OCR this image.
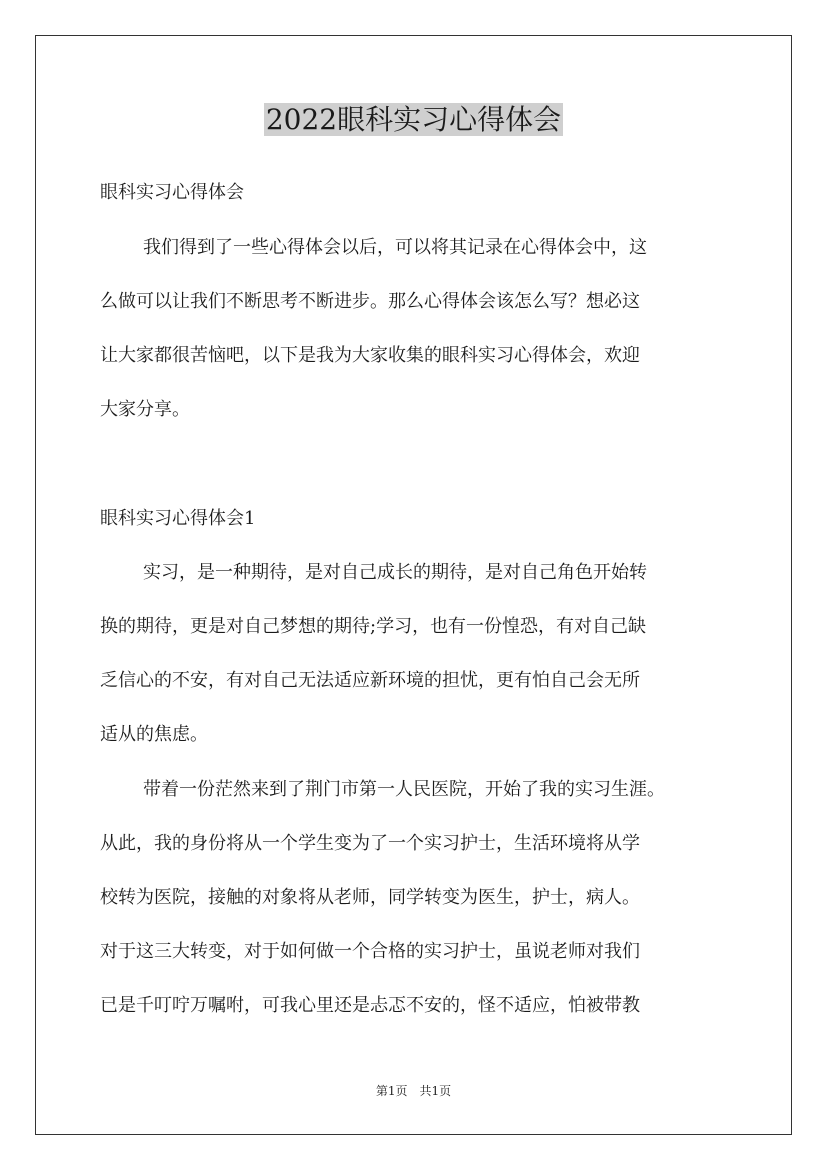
2022眼科实习心得体会
眼科实习心得体会
我们得到了一些心得体会以后，可以将其记录在心得体会中，这
么做可以让我们不断思考不断进步。那么心得体会该怎么写？想必这
让大家都很苦恼吧，以下是我为大家收集的眼科实习心得体会，欢迎
大家分享。
眼科实习心得体会1
实习，是一种期待，是对自己成长的期待，是对自己角色开始转
换的期待，更是对自己梦想的期待;学习，也有一份惶恐，有对自己缺
乏信心的不安，有对自己无法适应新环境的担忧，更有怕自己会无所
适从的焦虑。
带着一份茫然来到了荆门市第一人民医院，开始了我的实习生涯。
从此，我的身份将从一个学生变为了一个实习护士，生活环境将从学
校转为医院，接触的对象将从老师，同学转变为医生，护士，病人。
对于这三大转变，对于如何做一个合格的实习护士，虽说老师对我们
已是千叮咛万嘱咐，可我心里还是忐忑不安的，怪不适应，怕被带教
第1页　共1页
